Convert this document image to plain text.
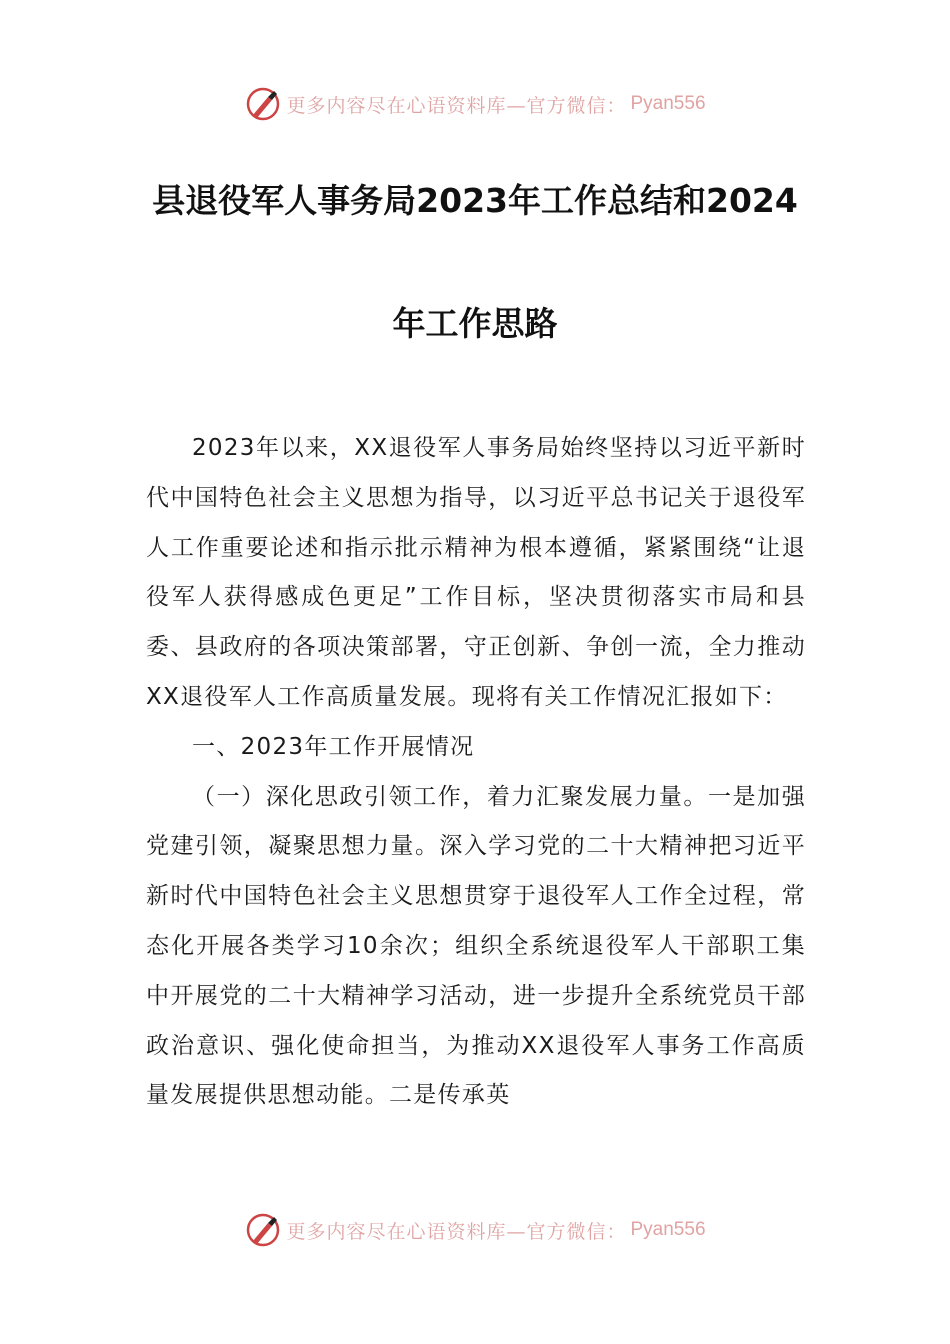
更多内容尽在心语资料库—官方微信： Pyan556
县退役军人事务局2023年工作总结和2024
年工作思路

2023年以来，XX退役军人事务局始终坚持以习近平新时代中国特色社会主义思想为指导，以习近平总书记关于退役军人工作重要论述和指示批示精神为根本遵循，紧紧围绕“让退役军人获得感成色更足”工作目标，坚决贯彻落实市局和县委、县政府的各项决策部署，守正创新、争创一流，全力推动XX退役军人工作高质量发展。现将有关工作情况汇报如下：

一、2023年工作开展情况

（一）深化思政引领工作，着力汇聚发展力量。一是加强党建引领，凝聚思想力量。深入学习党的二十大精神把习近平新时代中国特色社会主义思想贯穿于退役军人工作全过程，常态化开展各类学习10余次；组织全系统退役军人干部职工集中开展党的二十大精神学习活动，进一步提升全系统党员干部政治意识、强化使命担当，为推动XX退役军人事务工作高质量发展提供思想动能。二是传承英

更多内容尽在心语资料库—官方微信： Pyan556
